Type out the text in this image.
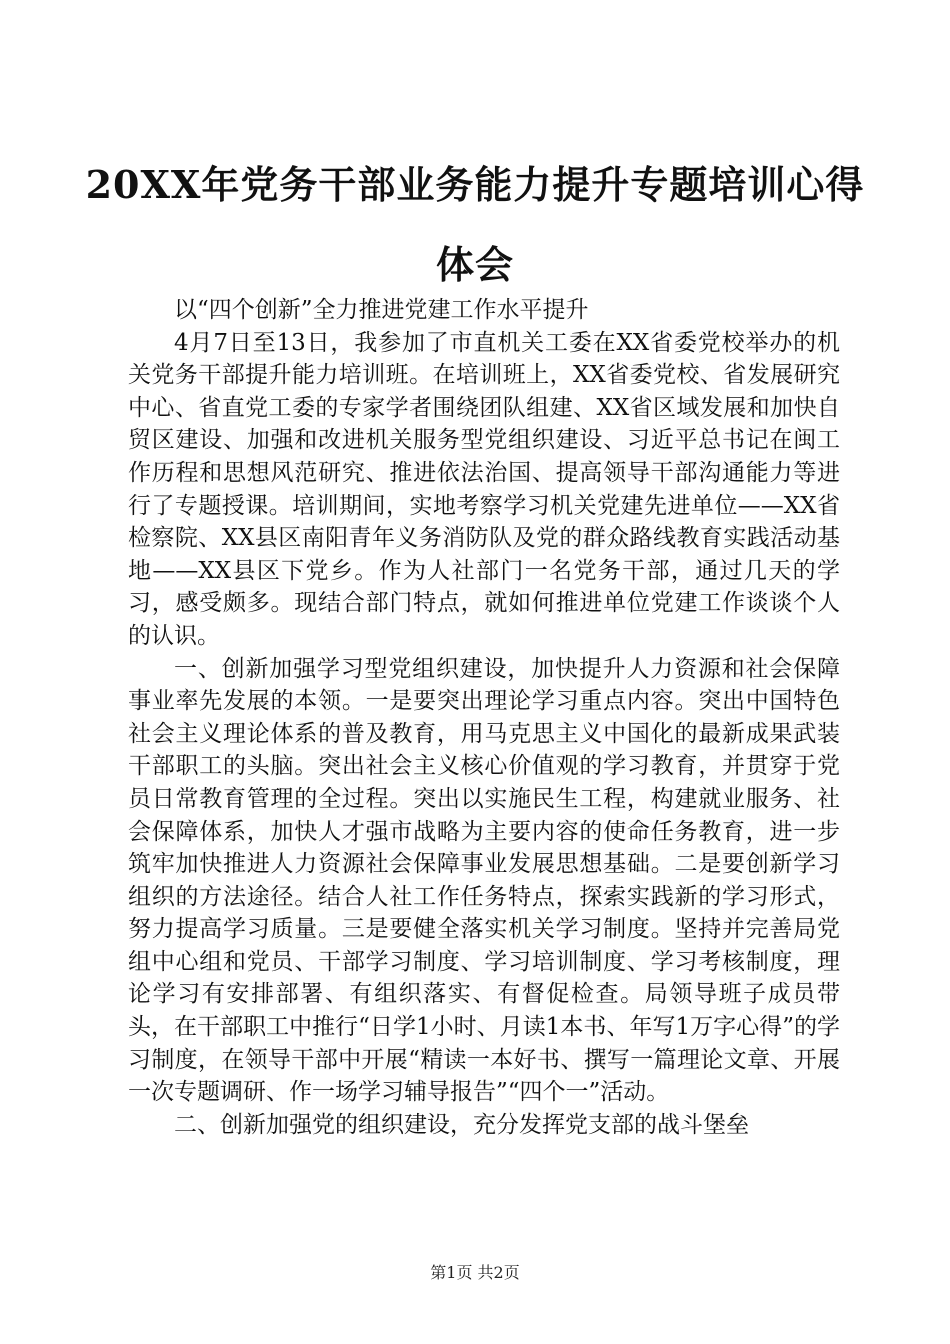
20XX年党务干部业务能力提升专题培训心得
体会

以“四个创新”全力推进党建工作水平提升

4月7日至13日，我参加了市直机关工委在XX省委党校举办的机关党务干部提升能力培训班。在培训班上，XX省委党校、省发展研究中心、省直党工委的专家学者围绕团队组建、XX省区域发展和加快自贸区建设、加强和改进机关服务型党组织建设、习近平总书记在闽工作历程和思想风范研究、推进依法治国、提高领导干部沟通能力等进行了专题授课。培训期间，实地考察学习机关党建先进单位——XX省检察院、XX县区南阳青年义务消防队及党的群众路线教育实践活动基地——XX县区下党乡。作为人社部门一名党务干部，通过几天的学习，感受颇多。现结合部门特点，就如何推进单位党建工作谈谈个人的认识。

一、创新加强学习型党组织建设，加快提升人力资源和社会保障事业率先发展的本领。一是要突出理论学习重点内容。突出中国特色社会主义理论体系的普及教育，用马克思主义中国化的最新成果武装干部职工的头脑。突出社会主义核心价值观的学习教育，并贯穿于党员日常教育管理的全过程。突出以实施民生工程，构建就业服务、社会保障体系，加快人才强市战略为主要内容的使命任务教育，进一步筑牢加快推进人力资源社会保障事业发展思想基础。二是要创新学习组织的方法途径。结合人社工作任务特点，探索实践新的学习形式，努力提高学习质量。三是要健全落实机关学习制度。坚持并完善局党组中心组和党员、干部学习制度、学习培训制度、学习考核制度，理论学习有安排部署、有组织落实、有督促检查。局领导班子成员带头，在干部职工中推行“日学1小时、月读1本书、年写1万字心得”的学习制度，在领导干部中开展“精读一本好书、撰写一篇理论文章、开展一次专题调研、作一场学习辅导报告”“四个一”活动。

二、创新加强党的组织建设，充分发挥党支部的战斗堡垒

第1页 共2页
